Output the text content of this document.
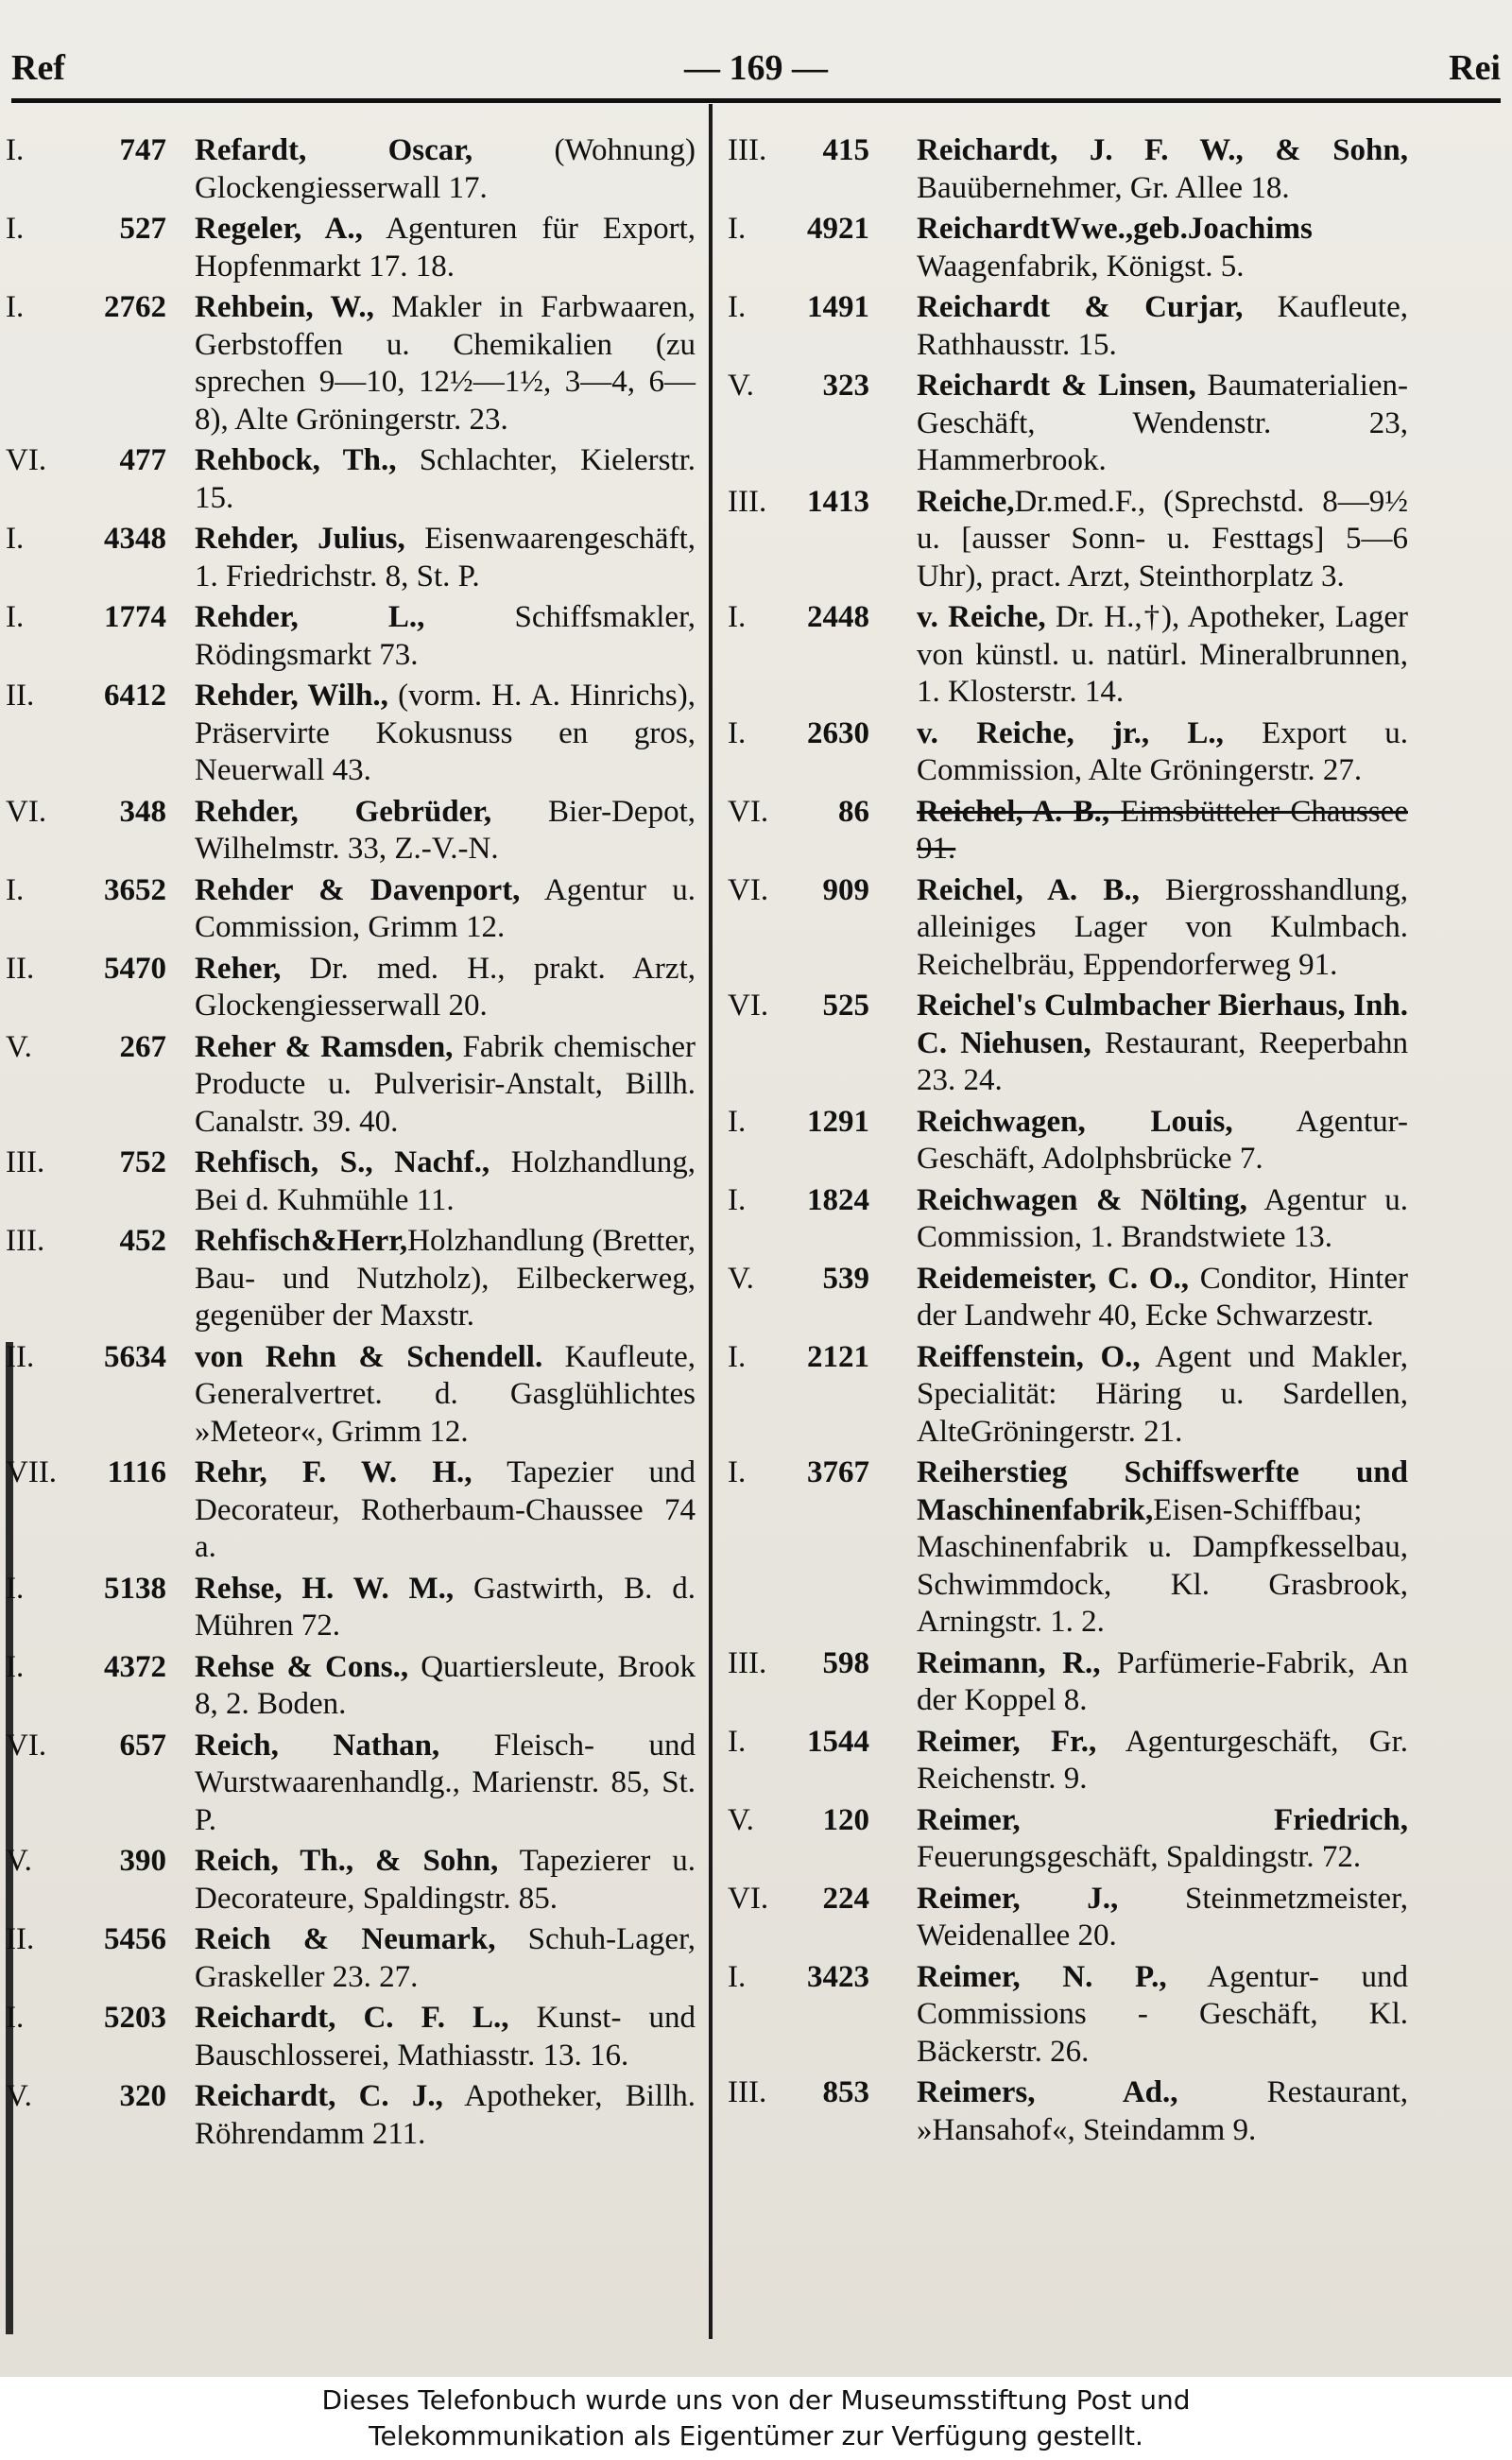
Ref	— 169 —	Rei
I.	747 Refardt, Oscar, (Wohnung) Glockengiesserwall 17.
I.	527 Regeler, A., Agenturen für Export, Hopfenmarkt 17. 18.
I.	2762 Rehbein, W., Makler in Farbwaaren, Gerbstoffen u. Chemikalien (zu sprechen 9—10, 12½—1½, 3—4, 6—8), Alte Gröningerstr. 23.
VI.	477 Rehbock, Th., Schlachter, Kielerstr. 15.
I.	4348 Rehder, Julius, Eisenwaarengeschäft, 1. Friedrichstr. 8, St. P.
I.	1774 Rehder, L., Schiffsmakler, Rödingsmarkt 73.
II.	6412 Rehder, Wilh., (vorm. H. A. Hinrichs), Präservirte Kokusnuss en gros, Neuerwall 43.
VI.	348 Rehder, Gebrüder, Bier-Depot, Wilhelmstr. 33, Z.-V.-N.
I.	3652 Rehder & Davenport, Agentur u. Commission, Grimm 12.
II.	5470 Reher, Dr. med. H., prakt. Arzt, Glockengiesserwall 20.
V.	267 Reher & Ramsden, Fabrik chemischer Producte u. Pulverisir-Anstalt, Billh. Canalstr. 39. 40.
III.	752 Rehfisch, S., Nachf., Holzhandlung, Bei d. Kuhmühle 11.
III.	452 Rehfisch&Herr,Holzhandlung (Bretter, Bau- und Nutzholz), Eilbeckerweg, gegenüber der Maxstr.
II.	5634 von Rehn & Schendell. Kaufleute, Generalvertret. d. Gasglühlichtes »Meteor«, Grimm 12.
VII.	1116 Rehr, F. W. H., Tapezier und Decorateur, Rotherbaum-Chaussee 74 a.
I.	5138 Rehse, H. W. M., Gastwirth, B. d. Mühren 72.
I.	4372 Rehse & Cons., Quartiersleute, Brook 8, 2. Boden.
VI.	657 Reich, Nathan, Fleisch- und Wurstwaarenhandlg., Marienstr. 85, St. P.
V.	390 Reich, Th., & Sohn, Tapezierer u. Decorateure, Spaldingstr. 85.
II.	5456 Reich & Neumark, Schuh-Lager, Graskeller 23. 27.
I.	5203 Reichardt, C. F. L., Kunst- und Bauschlosserei, Mathiasstr. 13. 16.
V.	320 Reichardt, C. J., Apotheker, Billh. Röhrendamm 211.
III.	415 Reichardt, J. F. W., & Sohn, Bauübernehmer, Gr. Allee 18.
I.	4921 ReichardtWwe.,geb.Joachims Waagenfabrik, Königst. 5.
I.	1491 Reichardt & Curjar, Kaufleute, Rathhausstr. 15.
V.	323 Reichardt & Linsen, Baumaterialien-Geschäft, Wendenstr. 23, Hammerbrook.
III.	1413 Reiche,Dr.med.F., (Sprechstd. 8—9½ u. [ausser Sonn- u. Festtags] 5—6 Uhr), pract. Arzt, Steinthorplatz 3.
I.	2448 v. Reiche, Dr. H.,†), Apotheker, Lager von künstl. u. natürl. Mineralbrunnen, 1. Klosterstr. 14.
I.	2630 v. Reiche, jr., L., Export u. Commission, Alte Gröningerstr. 27.
VI.	86 Reichel, A. B., Eimsbütteler Chaussee 91.
VI.	909 Reichel, A. B., Biergrosshandlung, alleiniges Lager von Kulmbach. Reichelbräu, Eppendorferweg 91.
VI.	525 Reichel's Culmbacher Bierhaus, Inh. C. Niehusen, Restaurant, Reeperbahn 23. 24.
I.	1291 Reichwagen, Louis, Agentur-Geschäft, Adolphsbrücke 7.
I.	1824 Reichwagen & Nölting, Agentur u. Commission, 1. Brandstwiete 13.
V.	539 Reidemeister, C. O., Conditor, Hinter der Landwehr 40, Ecke Schwarzestr.
I.	2121 Reiffenstein, O., Agent und Makler, Specialität: Häring u. Sardellen, AlteGröningerstr. 21.
I.	3767 Reiherstieg Schiffswerfte und Maschinenfabrik,Eisen-Schiffbau; Maschinenfabrik u. Dampfkesselbau, Schwimmdock, Kl. Grasbrook, Arningstr. 1. 2.
III.	598 Reimann, R., Parfümerie-Fabrik, An der Koppel 8.
I.	1544 Reimer, Fr., Agenturgeschäft, Gr. Reichenstr. 9.
V.	120 Reimer, Friedrich, Feuerungsgeschäft, Spaldingstr. 72.
VI.	224 Reimer, J., Steinmetzmeister, Weidenallee 20.
I.	3423 Reimer, N. P., Agentur- und Commissions - Geschäft, Kl. Bäckerstr. 26.
III.	853 Reimers, Ad., Restaurant, »Hansahof«, Steindamm 9.
Dieses Telefonbuch wurde uns von der Museumsstiftung Post und
Telekommunikation als Eigentümer zur Verfügung gestellt.
